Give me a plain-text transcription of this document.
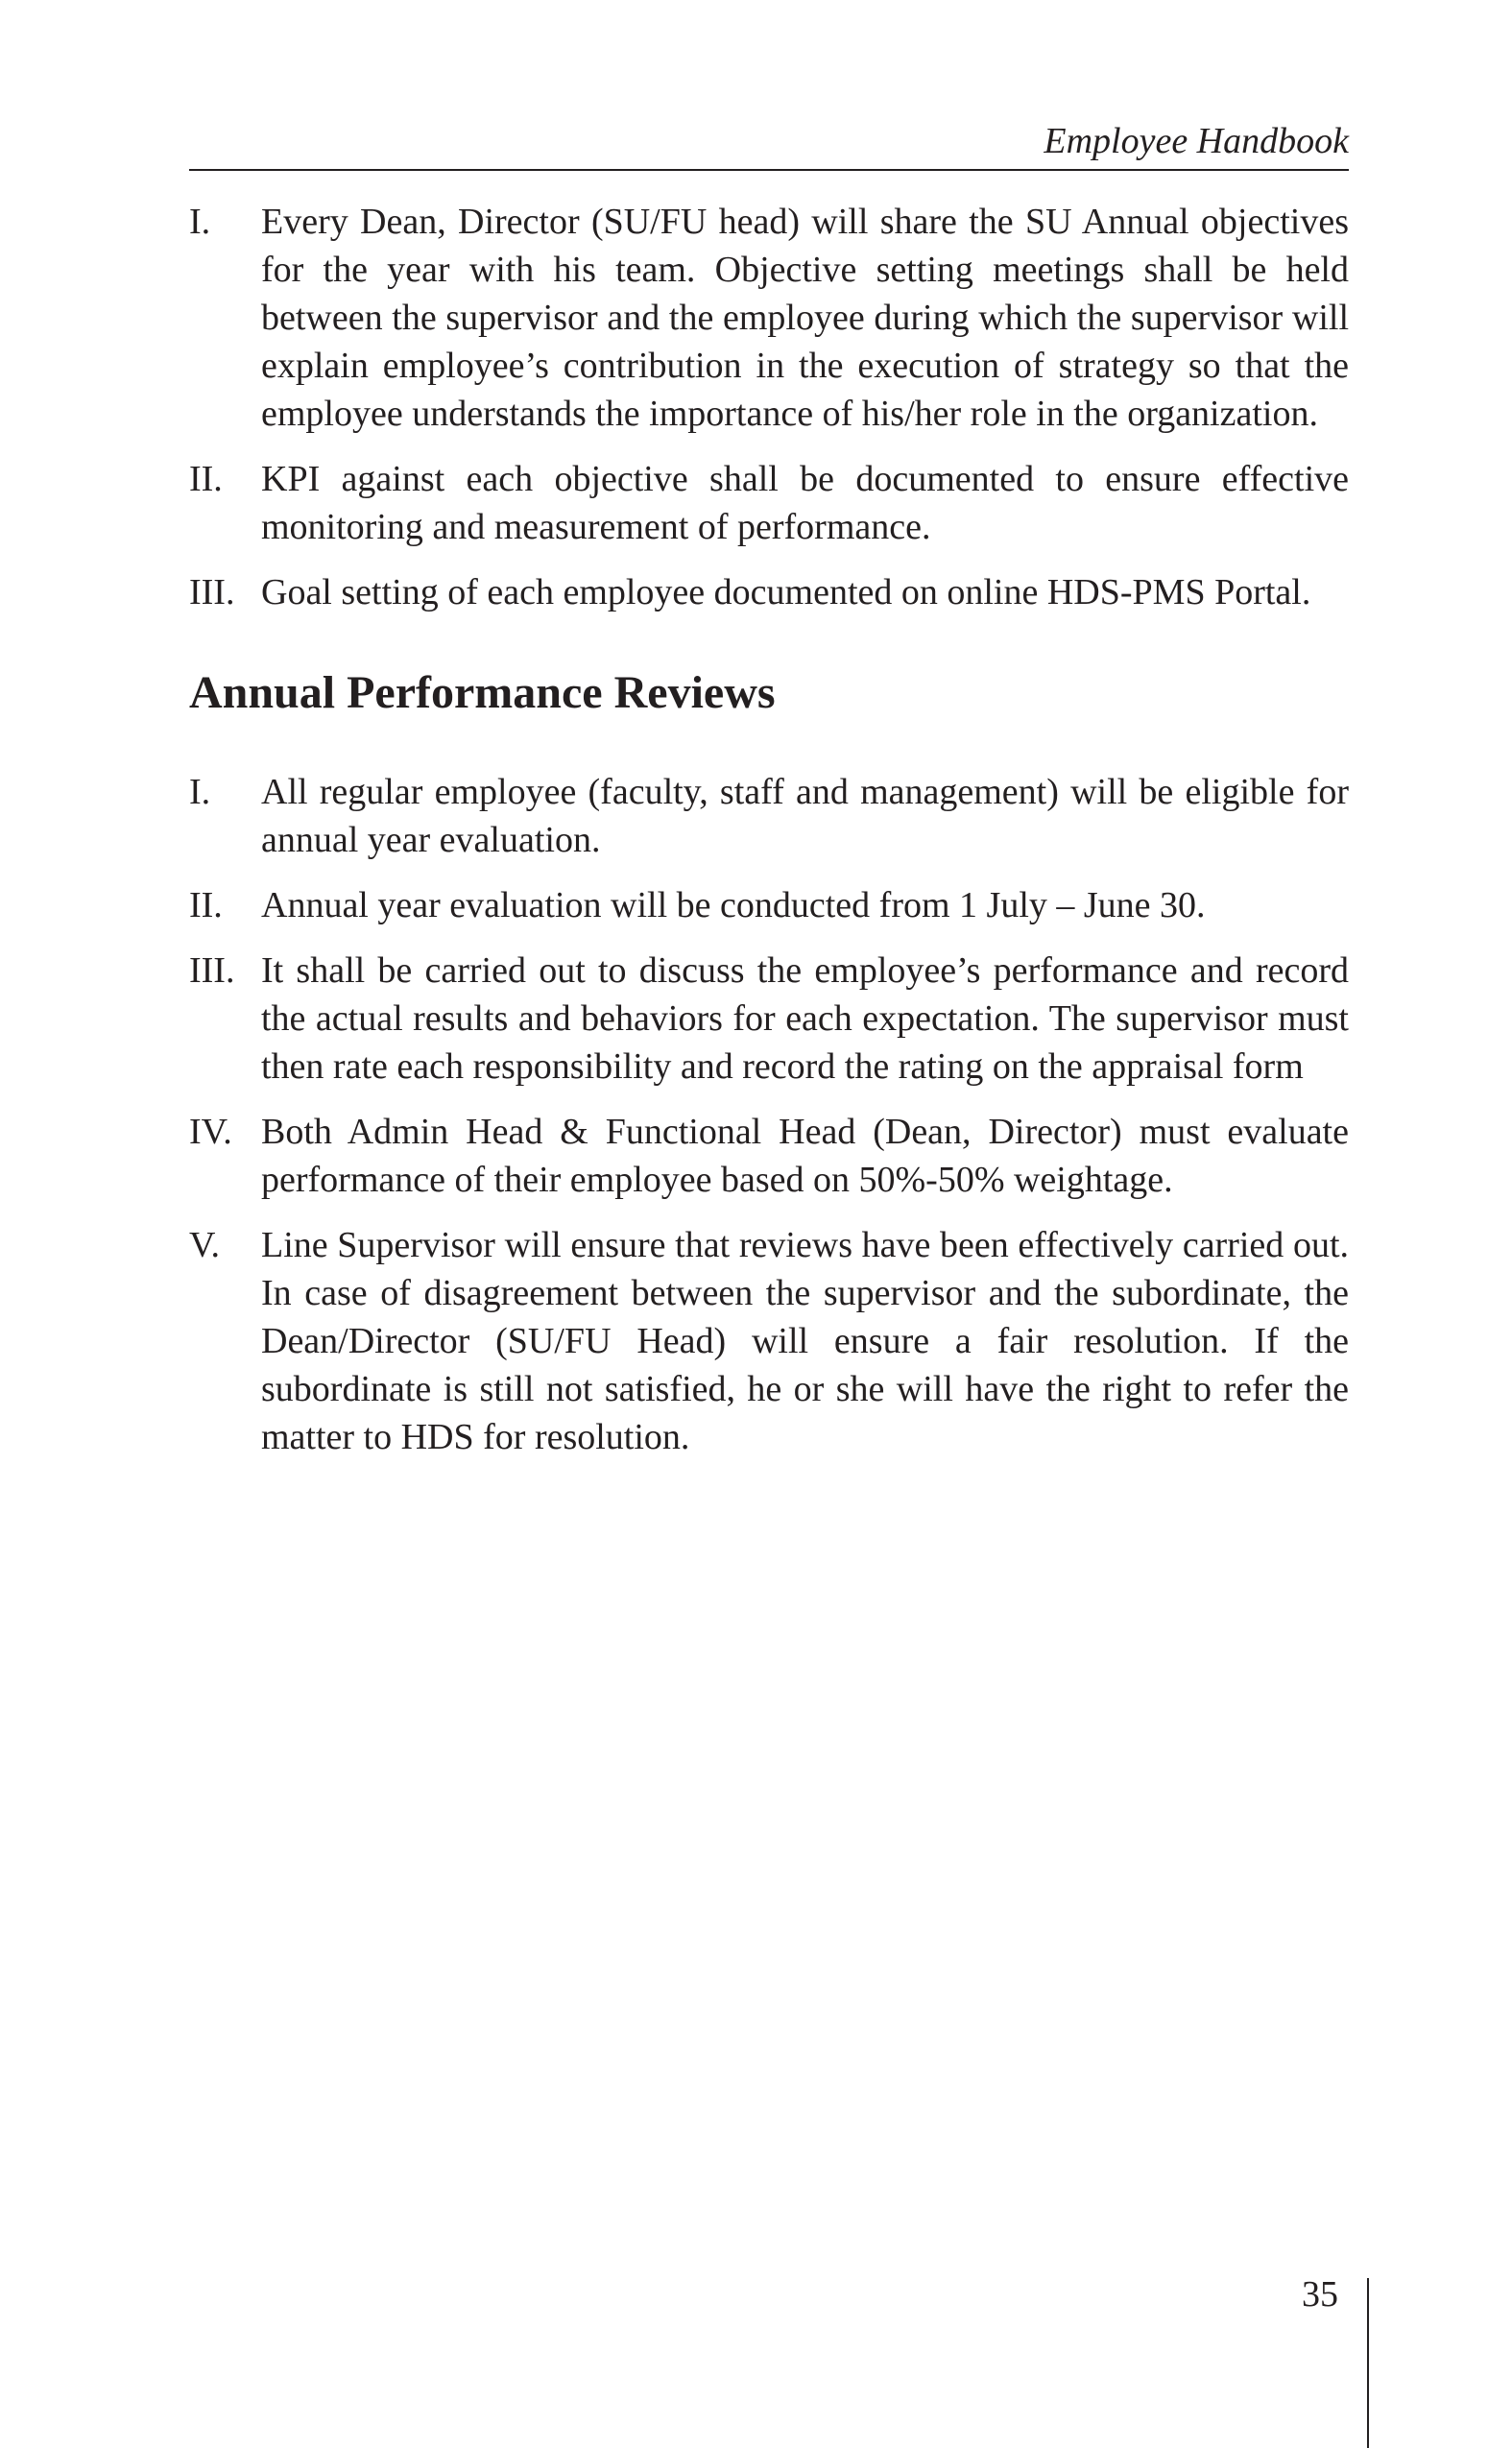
Employee Handbook
I.	Every Dean, Director (SU/FU head) will share the SU Annual objectives for the year with his team. Objective setting meetings shall be held between the supervisor and the employee during which the supervisor will explain employee’s contribution in the execution of strategy so that the employee understands the importance of his/her role in the organization.
II.	KPI against each objective shall be documented to ensure effective monitoring and measurement of performance.
III. Goal setting of each employee documented on online HDS-PMS Portal.
Annual Performance Reviews
I.	All regular employee (faculty, staff and management) will be eligible for annual year evaluation.
II.	Annual year evaluation will be conducted from 1 July – June 30.
III. It shall be carried out to discuss the employee’s performance and record the actual results and behaviors for each expectation. The supervisor must then rate each responsibility and record the rating on the appraisal form
IV. Both Admin Head & Functional Head (Dean, Director) must evaluate performance of their employee based on 50%-50% weightage.
V.	Line Supervisor will ensure that reviews have been effectively carried out. In case of disagreement between the supervisor and the subordinate, the Dean/Director (SU/FU Head) will ensure a fair resolution. If the subordinate is still not satisfied, he or she will have the right to refer the matter to HDS for resolution.
35
